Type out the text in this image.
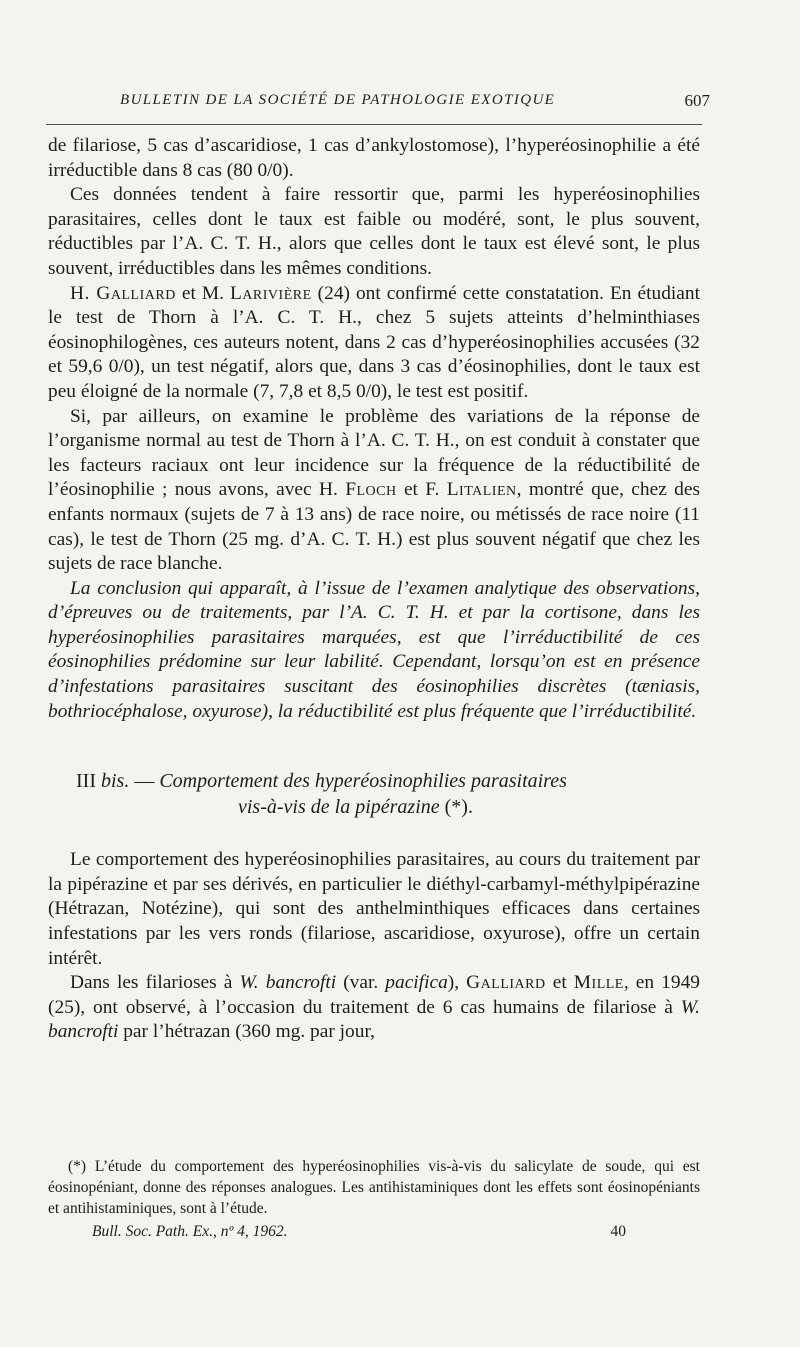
BULLETIN DE LA SOCIÉTÉ DE PATHOLOGIE EXOTIQUE	607

de filariose, 5 cas d’ascaridiose, 1 cas d’ankylostomose), l’hyperéosinophilie a été irréductible dans 8 cas (80 0/0).

Ces données tendent à faire ressortir que, parmi les hyperéosinophilies parasitaires, celles dont le taux est faible ou modéré, sont, le plus souvent, réductibles par l’A. C. T. H., alors que celles dont le taux est élevé sont, le plus souvent, irréductibles dans les mêmes conditions.

H. Galliard et M. Larivière (24) ont confirmé cette constatation. En étudiant le test de Thorn à l’A. C. T. H., chez 5 sujets atteints d’helminthiases éosinophilogènes, ces auteurs notent, dans 2 cas d’hyperéosinophilies accusées (32 et 59,6 0/0), un test négatif, alors que, dans 3 cas d’éosinophilies, dont le taux est peu éloigné de la normale (7, 7,8 et 8,5 0/0), le test est positif.

Si, par ailleurs, on examine le problème des variations de la réponse de l’organisme normal au test de Thorn à l’A. C. T. H., on est conduit à constater que les facteurs raciaux ont leur incidence sur la fréquence de la réductibilité de l’éosinophilie ; nous avons, avec H. Floch et F. Litalien, montré que, chez des enfants normaux (sujets de 7 à 13 ans) de race noire, ou métissés de race noire (11 cas), le test de Thorn (25 mg. d’A. C. T. H.) est plus souvent négatif que chez les sujets de race blanche.

La conclusion qui apparaît, à l’issue de l’examen analytique des observations, d’épreuves ou de traitements, par l’A. C. T. H. et par la cortisone, dans les hyperéosinophilies parasitaires marquées, est que l’irréductibilité de ces éosinophilies prédomine sur leur labilité. Cependant, lorsqu’on est en présence d’infestations parasitaires suscitant des éosinophilies discrètes (tæniasis, bothriocéphalose, oxyurose), la réductibilité est plus fréquente que l’irréductibilité.

III bis. — Comportement des hyperéosinophilies parasitaires
vis-à-vis de la pipérazine (*).

Le comportement des hyperéosinophilies parasitaires, au cours du traitement par la pipérazine et par ses dérivés, en particulier le diéthyl-carbamyl-méthylpipérazine (Hétrazan, Notézine), qui sont des anthelminthiques efficaces dans certaines infestations par les vers ronds (filariose, ascaridiose, oxyurose), offre un certain intérêt.

Dans les filarioses à W. bancrofti (var. pacifica), Galliard et Mille, en 1949 (25), ont observé, à l’occasion du traitement de 6 cas humains de filariose à W. bancrofti par l’hétrazan (360 mg. par jour,

(*) L’étude du comportement des hyperéosinophilies vis-à-vis du salicylate de soude, qui est éosinopéniant, donne des réponses analogues. Les antihistaminiques dont les effets sont éosinopéniants et antihistaminiques, sont à l’étude.

Bull. Soc. Path. Ex., nº 4, 1962.	40
